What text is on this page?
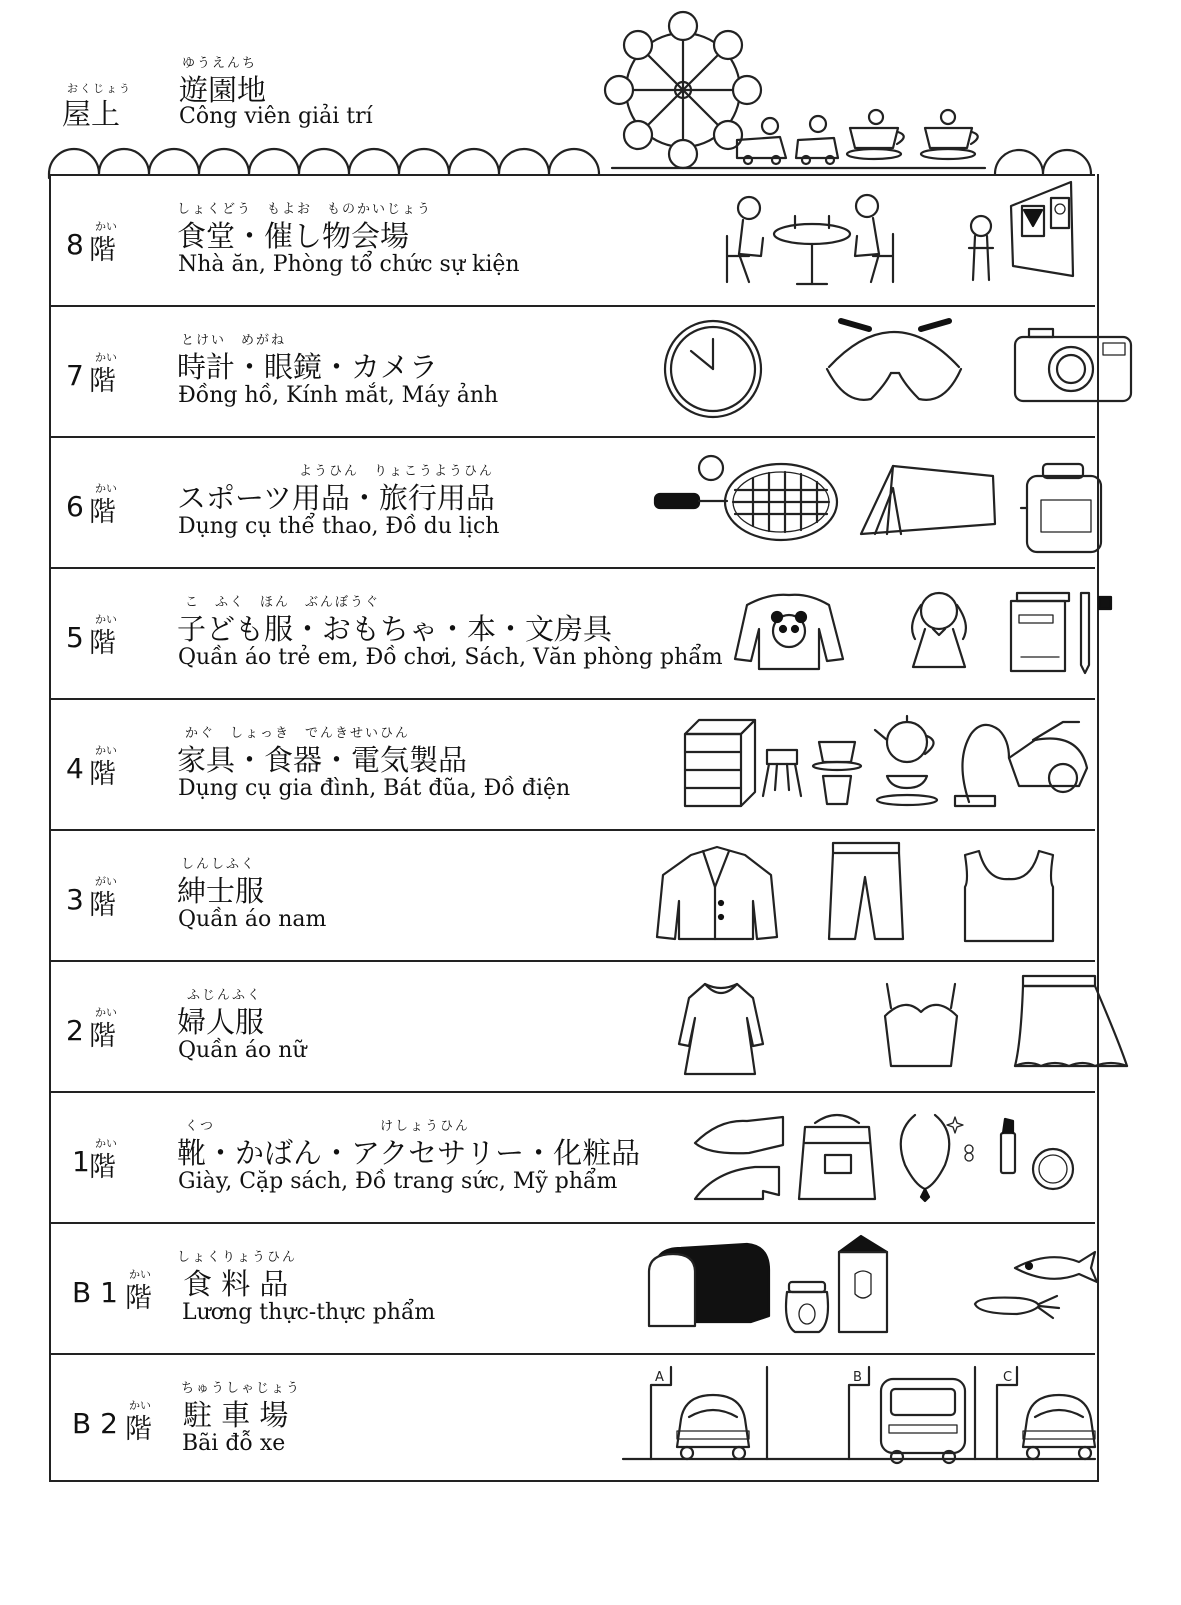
おくじょう
屋上
ゆうえんち
遊園地
Công viên giải trí
8
かい
階
しょくどう　もよお　ものかいじょう
食堂・催し物会場
Nhà ăn, Phòng tổ chức sự kiện
7
かい
階
とけい　めがね
時計・眼鏡・カメラ
Đồng hồ, Kính mắt, Máy ảnh
6
かい
階
ようひん　りょこうようひん
スポーツ用品・旅行用品
Dụng cụ thể thao, Đồ du lịch
5
かい
階
こ　ふく　ほん　ぶんぼうぐ
子ども服・おもちゃ・本・文房具
Quần áo trẻ em, Đồ chơi, Sách, Văn phòng phẩm
4
かい
階
かぐ　しょっき　でんきせいひん
家具・食器・電気製品
Dụng cụ gia đình, Bát đũa, Đồ điện
3
がい
階
しんしふく
紳士服
Quần áo nam
2
かい
階
ふじんふく
婦人服
Quần áo nữ
1
かい
階
くつ　　　　　　　　　　　けしょうひん
靴・かばん・アクセサリー・化粧品
Giày, Cặp sách, Đồ trang sức, Mỹ phẩm
B 1
かい
階
しょくりょうひん
食 料 品
Lương thực-thực phẩm
B 2
かい
階
ちゅうしゃじょう
駐 車 場
Bãi đỗ xe
A	B	C
